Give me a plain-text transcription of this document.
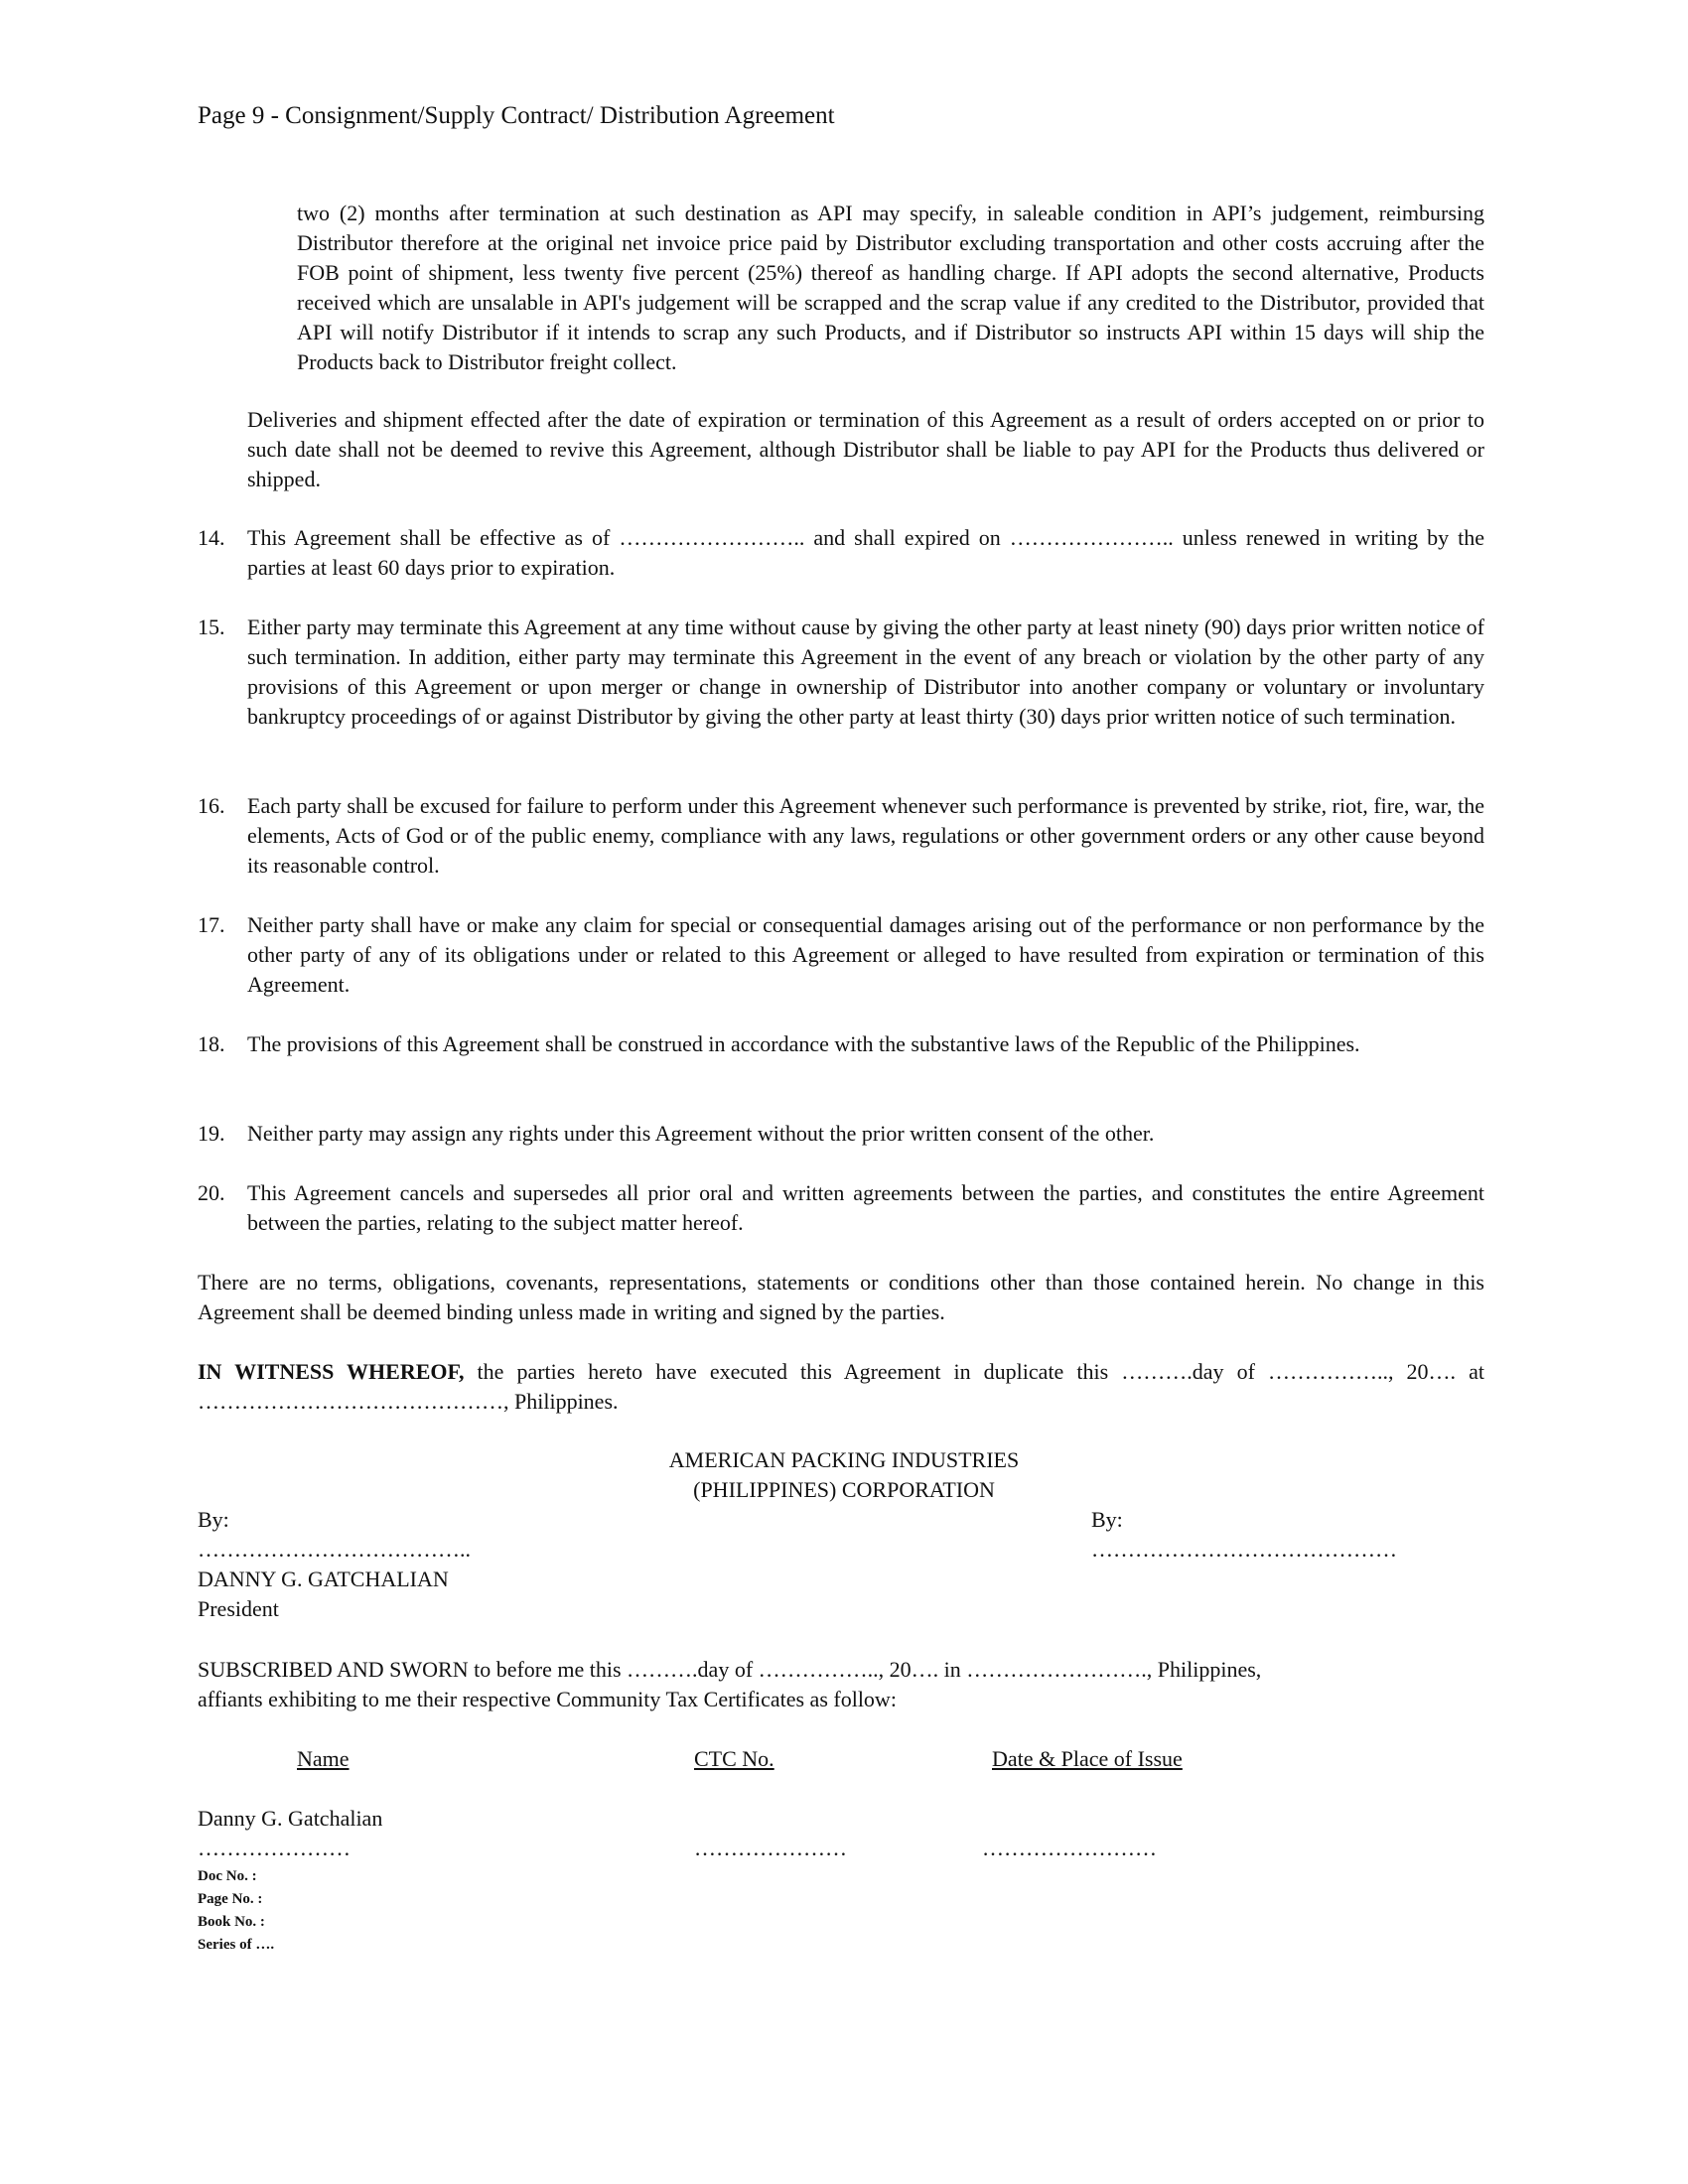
Page 9 - Consignment/Supply Contract/ Distribution Agreement
two (2) months after termination at such destination as API may specify, in saleable condition in API’s judgement, reimbursing Distributor therefore at the original net invoice price paid by Distributor excluding transportation and other costs accruing after the FOB point of shipment, less twenty five percent (25%) thereof as handling charge. If API adopts the second alternative, Products received which are unsalable in API's judgement will be scrapped and the scrap value if any credited to the Distributor, provided that API will notify Distributor if it intends to scrap any such Products, and if Distributor so instructs API within 15 days will ship the Products back to Distributor freight collect.
Deliveries and shipment effected after the date of expiration or termination of this Agreement as a result of orders accepted on or prior to such date shall not be deemed to revive this Agreement, although Distributor shall be liable to pay API for the Products thus delivered or shipped.
14.	This Agreement shall be effective as of …………………….. and shall expired on ………………….. unless renewed in writing by the parties at least 60 days prior to expiration.
15.	Either party may terminate this Agreement at any time without cause by giving the other party at least ninety (90) days prior written notice of such termination. In addition, either party may terminate this Agreement in the event of any breach or violation by the other party of any provisions of this Agreement or upon merger or change in ownership of Distributor into another company or voluntary or involuntary bankruptcy proceedings of or against Distributor by giving the other party at least thirty (30) days prior written notice of such termination.
16.	Each party shall be excused for failure to perform under this Agreement whenever such performance is prevented by strike, riot, fire, war, the elements, Acts of God or of the public enemy, compliance with any laws, regulations or other government orders or any other cause beyond its reasonable control.
17.	Neither party shall have or make any claim for special or consequential damages arising out of the performance or non performance by the other party of any of its obligations under or related to this Agreement or alleged to have resulted from expiration or termination of this Agreement.
18.	The provisions of this Agreement shall be construed in accordance with the substantive laws of the Republic of the Philippines.
19.	Neither party may assign any rights under this Agreement without the prior written consent of the other.
20.	This Agreement cancels and supersedes all prior oral and written agreements between the parties, and constitutes the entire Agreement between the parties, relating to the subject matter hereof.
There are no terms, obligations, covenants, representations, statements or conditions other than those contained herein. No change in this Agreement shall be deemed binding unless made in writing and signed by the parties.
IN WITNESS WHEREOF, the parties hereto have executed this Agreement in duplicate this ……….day of …………….., 20…. at ……………………………………, Philippines.
AMERICAN PACKING INDUSTRIES
(PHILIPPINES) CORPORATION
By:	By:
………………………………..	……………………………………
DANNY G. GATCHALIAN
President
SUBSCRIBED AND SWORN to before me this ……….day of …………….., 20…. in ……………………., Philippines,
affiants exhibiting to me their respective Community Tax Certificates as follow:
Name	CTC No.	Date & Place of Issue
Danny G. Gatchalian
…………………	…………………	……………………
Doc No. :
Page No. :
Book No. :
Series of ….
